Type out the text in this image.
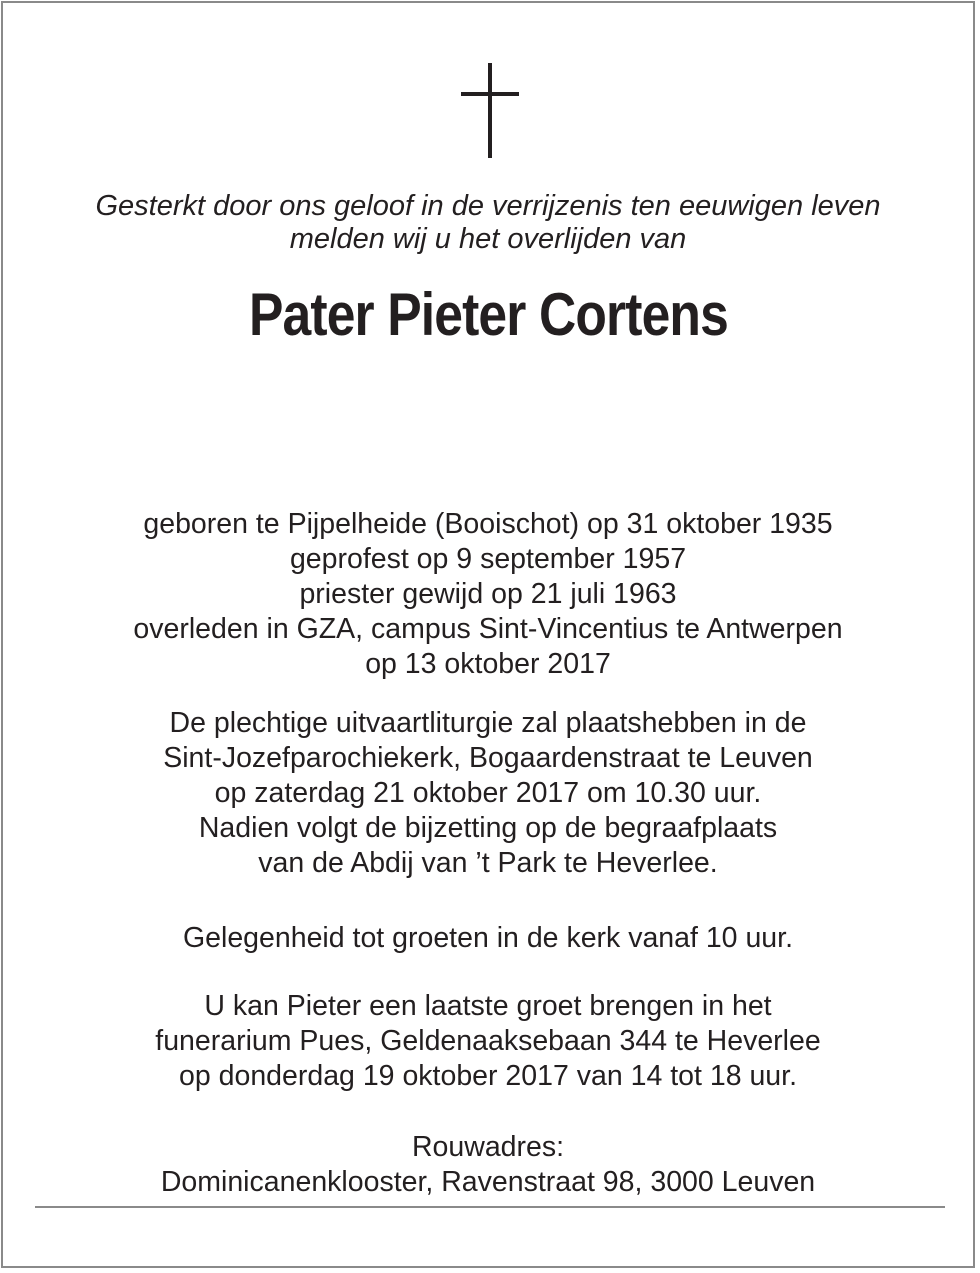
Gesterkt door ons geloof in de verrijzenis ten eeuwigen leven
melden wij u het overlijden van
Pater Pieter Cortens
geboren te Pijpelheide (Booischot) op 31 oktober 1935
geprofest op 9 september 1957
priester gewijd op 21 juli 1963
overleden in GZA, campus Sint-Vincentius te Antwerpen
op 13 oktober 2017
De plechtige uitvaartliturgie zal plaatshebben in de
Sint-Jozefparochiekerk, Bogaardenstraat te Leuven
op zaterdag 21 oktober 2017 om 10.30 uur.
Nadien volgt de bijzetting op de begraafplaats
van de Abdij van ’t Park te Heverlee.
Gelegenheid tot groeten in de kerk vanaf 10 uur.
U kan Pieter een laatste groet brengen in het
funerarium Pues, Geldenaaksebaan 344 te Heverlee
op donderdag 19 oktober 2017 van 14 tot 18 uur.
Rouwadres:
Dominicanenklooster, Ravenstraat 98, 3000 Leuven
